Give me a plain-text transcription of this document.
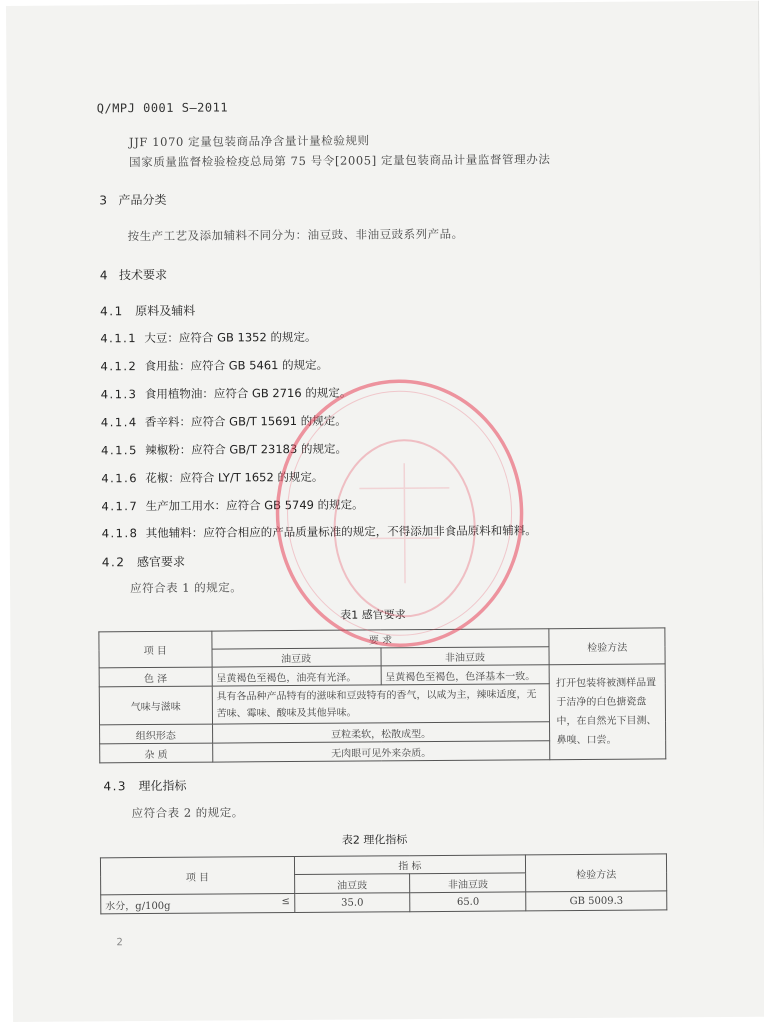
Q/MPJ 0001 S—2011
JJF 1070 定量包装商品净含量计量检验规则
国家质量监督检验检疫总局第 75 号令[2005] 定量包装商品计量监督管理办法
3 产品分类
按生产工艺及添加辅料不同分为：油豆豉、非油豆豉系列产品。
4 技术要求
4.1 原料及辅料
4.1.1 大豆：应符合 GB 1352 的规定。
4.1.2 食用盐：应符合 GB 5461 的规定。
4.1.3 食用植物油：应符合 GB 2716 的规定。
4.1.4 香辛料：应符合 GB/T 15691 的规定。
4.1.5 辣椒粉：应符合 GB/T 23183 的规定。
4.1.6 花椒：应符合 LY/T 1652 的规定。
4.1.7 生产加工用水：应符合 GB 5749 的规定。
4.1.8 其他辅料：应符合相应的产品质量标准的规定，不得添加非食品原料和辅料。
4.2 感官要求
应符合表 1 的规定。
表1 感官要求
项 目	要 求		检验方法
	油豆豉	非油豆豉	
色 泽	呈黄褐色至褐色，油亮有光泽。	呈黄褐色至褐色，色泽基本一致。	打开包装将被测样品置于洁净的白色搪瓷盘中，在自然光下目测、鼻嗅、口尝。
气味与滋味	具有各品种产品特有的滋味和豆豉特有的香气，以咸为主，辣味适度，无苦味、霉味、酸味及其他异味。		
组织形态	豆粒柔软，松散成型。		
杂 质	无肉眼可见外来杂质。		
4.3 理化指标
应符合表 2 的规定。
表2 理化指标
项 目	指 标		检验方法
	油豆豉	非油豆豉	
水分，g/100g ≤	35.0	65.0	GB 5009.3
2
